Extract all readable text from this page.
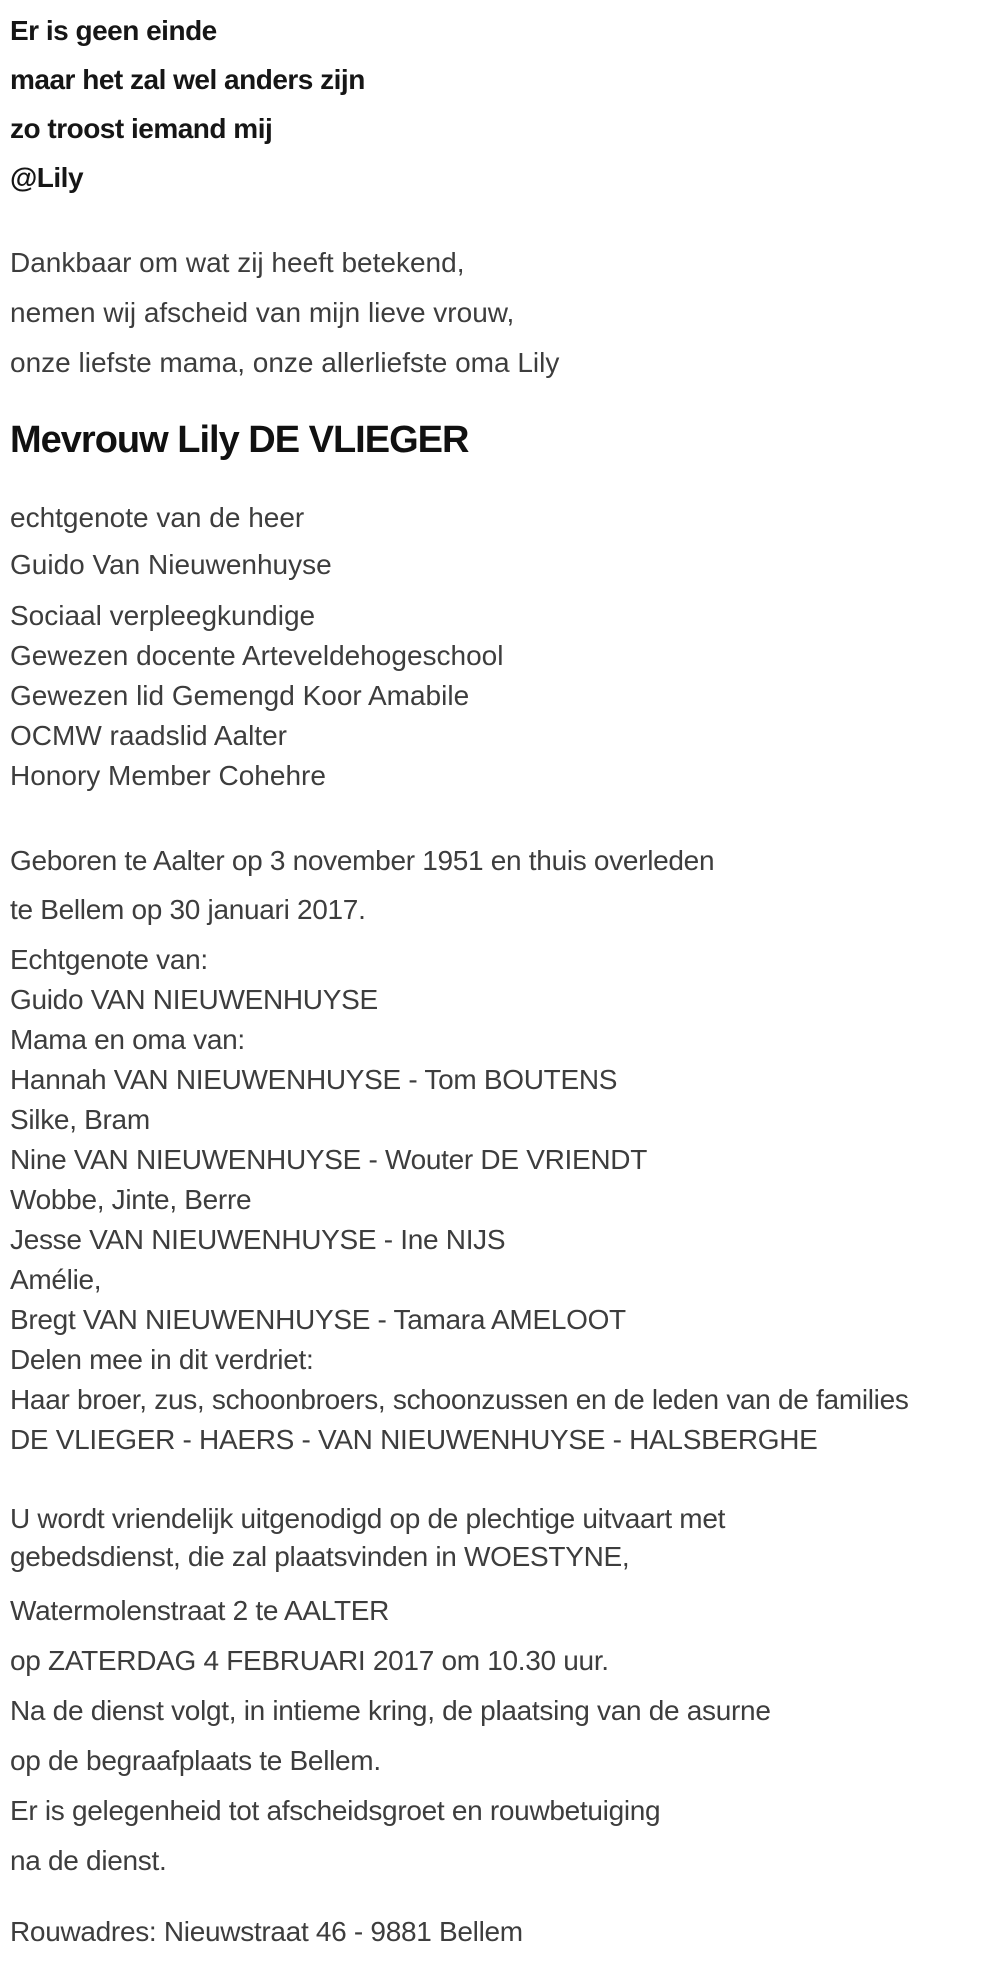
Er is geen einde
maar het zal wel anders zijn
zo troost iemand mij
@Lily
Dankbaar om wat zij heeft betekend,
nemen wij afscheid van mijn lieve vrouw,
onze liefste mama, onze allerliefste oma Lily
Mevrouw Lily DE VLIEGER
echtgenote van de heer
Guido Van Nieuwenhuyse
Sociaal verpleegkundige
Gewezen docente Arteveldehogeschool
Gewezen lid Gemengd Koor Amabile
OCMW raadslid Aalter
Honory Member Cohehre
Geboren te Aalter op 3 november 1951 en thuis overleden
te Bellem op 30 januari 2017.
Echtgenote van:
Guido VAN NIEUWENHUYSE
Mama en oma van:
Hannah VAN NIEUWENHUYSE - Tom BOUTENS
Silke, Bram
Nine VAN NIEUWENHUYSE - Wouter DE VRIENDT
Wobbe, Jinte, Berre
Jesse VAN NIEUWENHUYSE - Ine NIJS
Amélie,
Bregt VAN NIEUWENHUYSE - Tamara AMELOOT
Delen mee in dit verdriet:
Haar broer, zus, schoonbroers, schoonzussen en de leden van de families
DE VLIEGER - HAERS - VAN NIEUWENHUYSE - HALSBERGHE
U wordt vriendelijk uitgenodigd op de plechtige uitvaart met
gebedsdienst, die zal plaatsvinden in WOESTYNE,
Watermolenstraat 2 te AALTER
op ZATERDAG 4 FEBRUARI 2017 om 10.30 uur.
Na de dienst volgt, in intieme kring, de plaatsing van de asurne
op de begraafplaats te Bellem.
Er is gelegenheid tot afscheidsgroet en rouwbetuiging
na de dienst.
Rouwadres: Nieuwstraat 46 - 9881 Bellem
